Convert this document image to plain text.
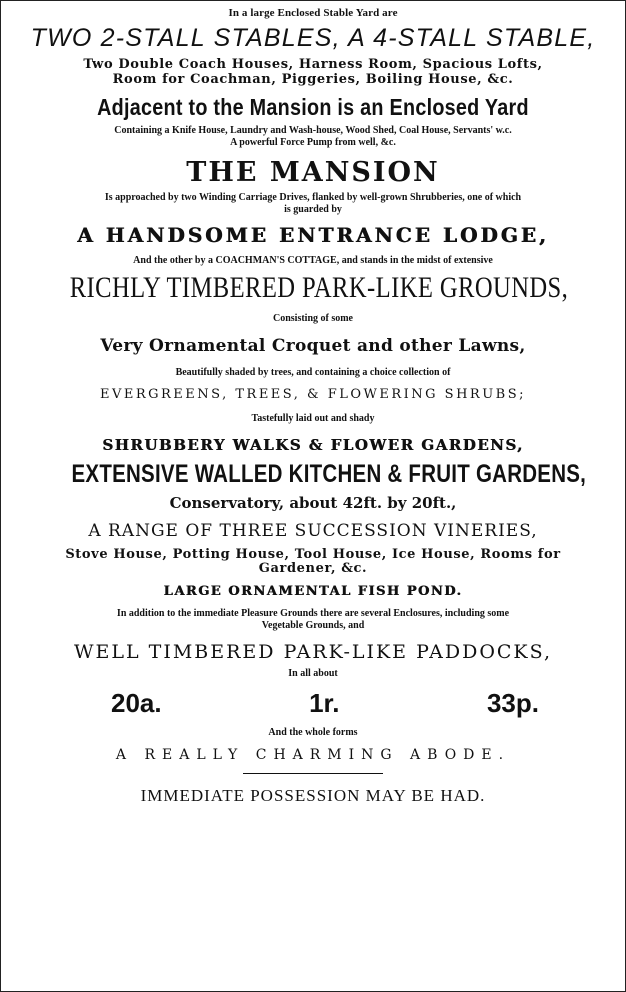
In a large Enclosed Stable Yard are

TWO 2-STALL STABLES, A 4-STALL STABLE,

Two Double Coach Houses, Harness Room, Spacious Lofts,

Room for Coachman, Piggeries, Boiling House, &c.

Adjacent to the Mansion is an Enclosed Yard

Containing a Knife House, Laundry and Wash-house, Wood Shed, Coal House, Servants' w.c.

A powerful Force Pump from well, &c.

THE MANSION

Is approached by two Winding Carriage Drives, flanked by well-grown Shrubberies, one of which

is guarded by

A HANDSOME ENTRANCE LODGE,

And the other by a COACHMAN'S COTTAGE, and stands in the midst of extensive

RICHLY TIMBERED PARK-LIKE GROUNDS,

Consisting of some

Very Ornamental Croquet and other Lawns,

Beautifully shaded by trees, and containing a choice collection of

EVERGREENS, TREES, & FLOWERING SHRUBS;

Tastefully laid out and shady

SHRUBBERY WALKS & FLOWER GARDENS,

EXTENSIVE WALLED KITCHEN & FRUIT GARDENS,

Conservatory, about 42ft. by 20ft.,

A RANGE OF THREE SUCCESSION VINERIES,

Stove House, Potting House, Tool House, Ice House, Rooms for

Gardener, &c.

LARGE ORNAMENTAL FISH POND.

In addition to the immediate Pleasure Grounds there are several Enclosures, including some

Vegetable Grounds, and

WELL TIMBERED PARK-LIKE PADDOCKS,

In all about

20a.	1r.	33p.

And the whole forms

A REALLY CHARMING ABODE.

IMMEDIATE POSSESSION MAY BE HAD.
